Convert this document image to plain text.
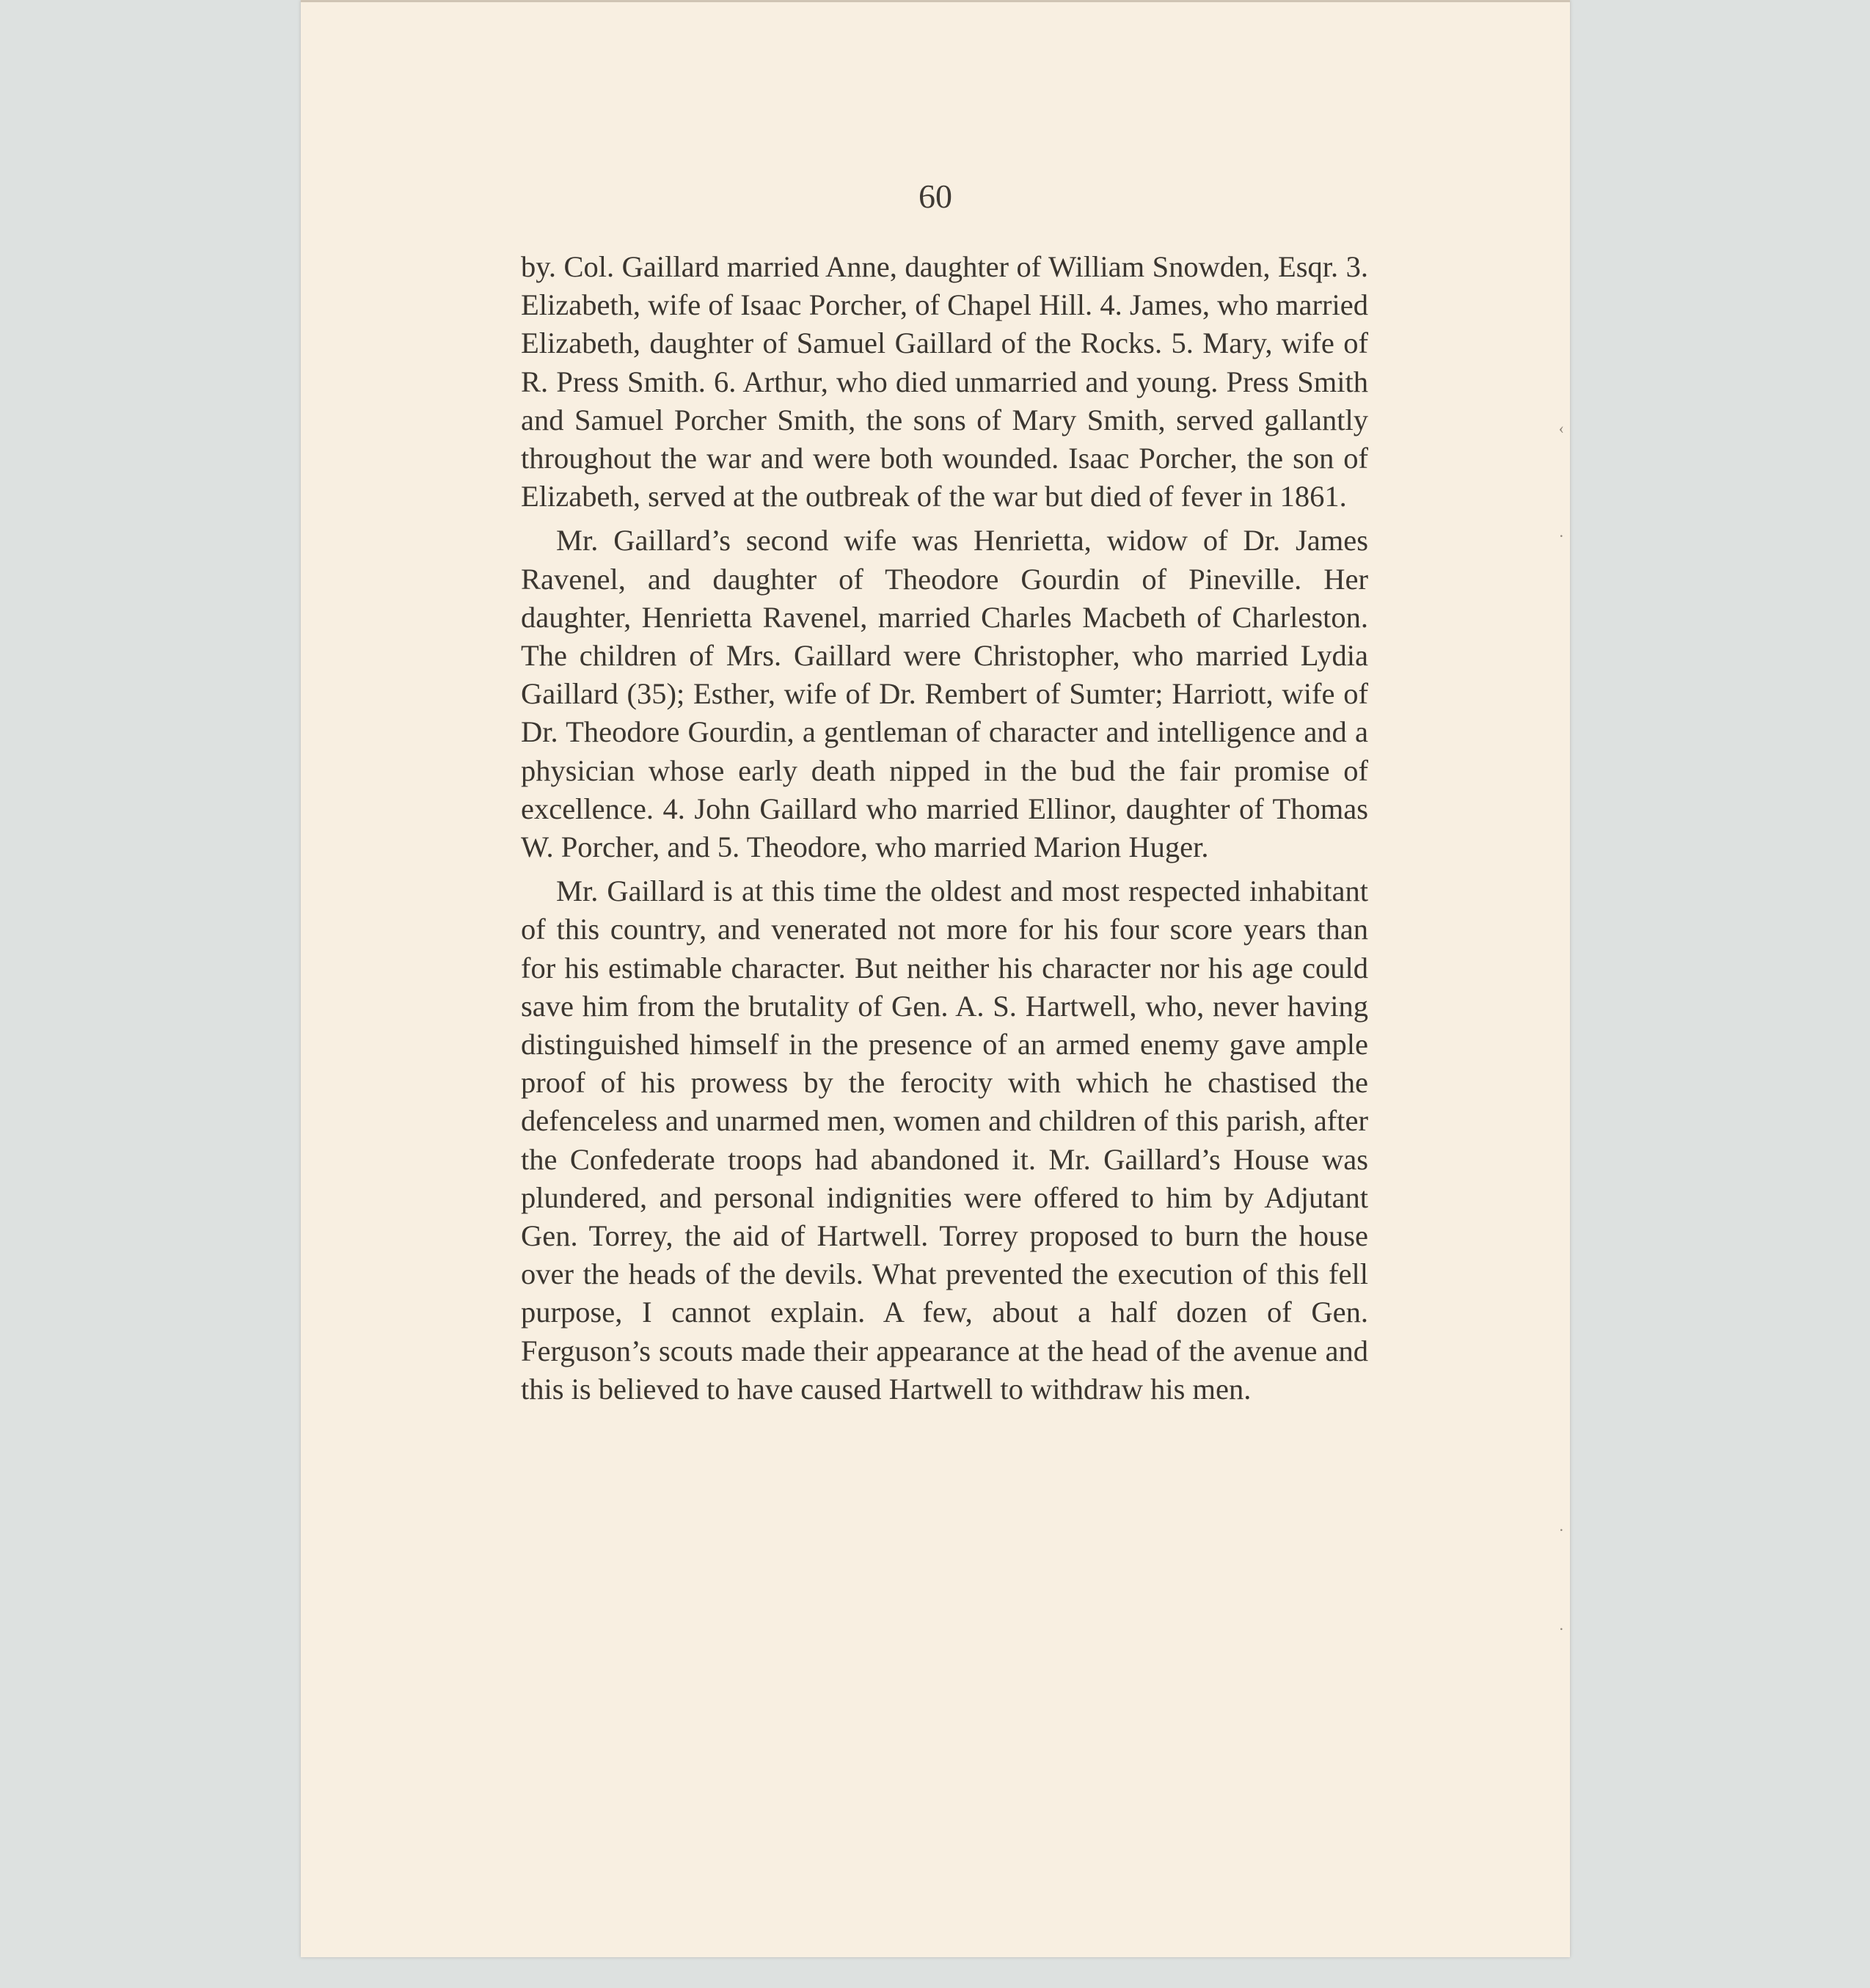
60

by. Col. Gaillard married Anne, daughter of William Snowden, Esqr. 3. Elizabeth, wife of Isaac Porcher, of Chapel Hill. 4. James, who married Elizabeth, daughter of Samuel Gaillard of the Rocks. 5. Mary, wife of R. Press Smith. 6. Arthur, who died unmarried and young. Press Smith and Samuel Porcher Smith, the sons of Mary Smith, served gallantly throughout the war and were both wounded. Isaac Porcher, the son of Elizabeth, served at the outbreak of the war but died of fever in 1861.

Mr. Gaillard’s second wife was Henrietta, widow of Dr. James Ravenel, and daughter of Theodore Gourdin of Pineville. Her daughter, Henrietta Ravenel, married Charles Macbeth of Charleston. The children of Mrs. Gaillard were Christopher, who married Lydia Gaillard (35); Esther, wife of Dr. Rembert of Sumter; Harriott, wife of Dr. Theodore Gourdin, a gentleman of character and intelligence and a physician whose early death nipped in the bud the fair promise of excellence. 4. John Gaillard who married Ellinor, daughter of Thomas W. Porcher, and 5. Theodore, who married Marion Huger.

Mr. Gaillard is at this time the oldest and most respected inhabitant of this country, and venerated not more for his four score years than for his estimable character. But neither his character nor his age could save him from the brutality of Gen. A. S. Hartwell, who, never having distinguished himself in the presence of an armed enemy gave ample proof of his prowess by the ferocity with which he chastised the defenceless and unarmed men, women and children of this parish, after the Confederate troops had abandoned it. Mr. Gaillard’s House was plundered, and personal indignities were offered to him by Adjutant Gen. Torrey, the aid of Hartwell. Torrey proposed to burn the house over the heads of the devils. What prevented the execution of this fell purpose, I cannot explain. A few, about a half dozen of Gen. Ferguson’s scouts made their appearance at the head of the avenue and this is believed to have caused Hartwell to withdraw his men.

‹
·
·
·
